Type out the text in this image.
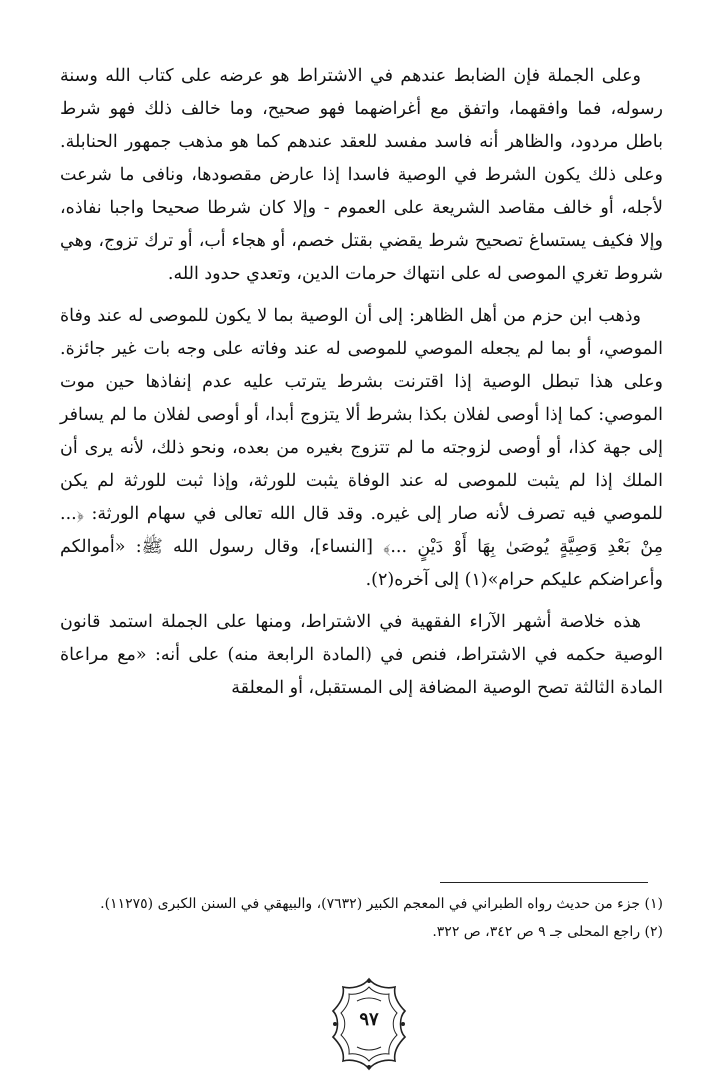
وعلى الجملة فإن الضابط عندهم في الاشتراط هو عرضه على كتاب الله وسنة رسوله، فما وافقهما، واتفق مع أغراضهما فهو صحيح، وما خالف ذلك فهو شرط باطل مردود، والظاهر أنه فاسد مفسد للعقد عندهم كما هو مذهب جمهور الحنابلة. وعلى ذلك يكون الشرط في الوصية فاسدا إذا عارض مقصودها، ونافى ما شرعت لأجله، أو خالف مقاصد الشريعة على العموم - وإلا كان شرطا صحيحا واجبا نفاذه، وإلا فكيف يستساغ تصحيح شرط يقضي بقتل خصم، أو هجاء أب، أو ترك تزوج، وهي شروط تغري الموصى له على انتهاك حرمات الدين، وتعدي حدود الله.

وذهب ابن حزم من أهل الظاهر: إلى أن الوصية بما لا يكون للموصى له عند وفاة الموصي، أو بما لم يجعله الموصي للموصى له عند وفاته على وجه بات غير جائزة. وعلى هذا تبطل الوصية إذا اقترنت بشرط يترتب عليه عدم إنفاذها حين موت الموصي: كما إذا أوصى لفلان بكذا بشرط ألا يتزوج أبدا، أو أوصى لفلان ما لم يسافر إلى جهة كذا، أو أوصى لزوجته ما لم تتزوج بغيره من بعده، ونحو ذلك، لأنه يرى أن الملك إذا لم يثبت للموصى له عند الوفاة يثبت للورثة، وإذا ثبت للورثة لم يكن للموصي فيه تصرف لأنه صار إلى غيره. وقد قال الله تعالى في سهام الورثة: ﴿... مِنْ بَعْدِ وَصِيَّةٍ يُوصَىٰ بِهَا أَوْ دَيْنٍ ...﴾ [النساء]، وقال رسول الله ﷺ: «أموالكم وأعراضكم عليكم حرام»(١) إلى آخره(٢).

هذه خلاصة أشهر الآراء الفقهية في الاشتراط، ومنها على الجملة استمد قانون الوصية حكمه في الاشتراط، فنص في (المادة الرابعة منه) على أنه: «مع مراعاة المادة الثالثة تصح الوصية المضافة إلى المستقبل، أو المعلقة

(١) جزء من حديث رواه الطبراني في المعجم الكبير (٧٦٣٢)، والبيهقي في السنن الكبرى (١١٢٧٥).

(٢) راجع المحلى جـ ٩ ص ٣٤٢، ص ٣٢٢.

٩٧
